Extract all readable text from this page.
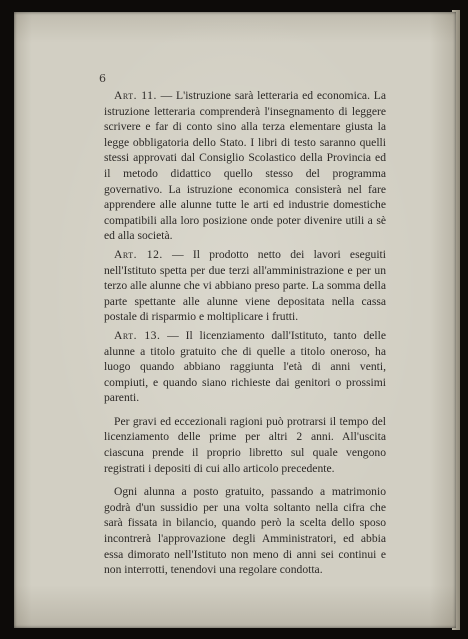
6

Art. 11. — L'istruzione sarà letteraria ed economica. La istruzione letteraria comprenderà l'insegnamento di leggere scrivere e far di conto sino alla terza elementare giusta la legge obbligatoria dello Stato. I libri di testo saranno quelli stessi approvati dal Consiglio Scolastico della Provincia ed il metodo didattico quello stesso del programma governativo. La istruzione economica consisterà nel fare apprendere alle alunne tutte le arti ed industrie domestiche compatibili alla loro posizione onde poter divenire utili a sè ed alla società.

Art. 12. — Il prodotto netto dei lavori eseguiti nell'Istituto spetta per due terzi all'amministrazione e per un terzo alle alunne che vi abbiano preso parte. La somma della parte spettante alle alunne viene depositata nella cassa postale di risparmio e moltiplicare i frutti.

Art. 13. — Il licenziamento dall'Istituto, tanto delle alunne a titolo gratuito che di quelle a titolo oneroso, ha luogo quando abbiano raggiunta l'età di anni venti, compiuti, e quando siano richieste dai genitori o prossimi parenti.

Per gravi ed eccezionali ragioni può protrarsi il tempo del licenziamento delle prime per altri 2 anni. All'uscita ciascuna prende il proprio libretto sul quale vengono registrati i depositi di cui allo articolo precedente.

Ogni alunna a posto gratuito, passando a matrimonio godrà d'un sussidio per una volta soltanto nella cifra che sarà fissata in bilancio, quando però la scelta dello sposo incontrerà l'approvazione degli Amministratori, ed abbia essa dimorato nell'Istituto non meno di anni sei continui e non interrotti, tenendovi una regolare condotta.
